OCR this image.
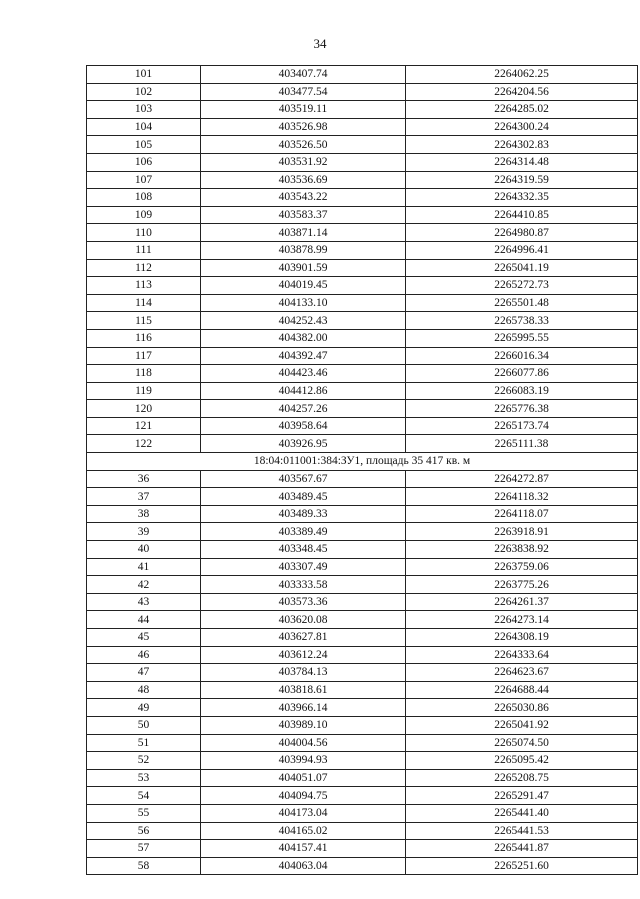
34
101	403407.74	2264062.25
102	403477.54	2264204.56
103	403519.11	2264285.02
104	403526.98	2264300.24
105	403526.50	2264302.83
106	403531.92	2264314.48
107	403536.69	2264319.59
108	403543.22	2264332.35
109	403583.37	2264410.85
110	403871.14	2264980.87
111	403878.99	2264996.41
112	403901.59	2265041.19
113	404019.45	2265272.73
114	404133.10	2265501.48
115	404252.43	2265738.33
116	404382.00	2265995.55
117	404392.47	2266016.34
118	404423.46	2266077.86
119	404412.86	2266083.19
120	404257.26	2265776.38
121	403958.64	2265173.74
122	403926.95	2265111.38
18:04:011001:384:ЗУ1, площадь 35 417 кв. м		
36	403567.67	2264272.87
37	403489.45	2264118.32
38	403489.33	2264118.07
39	403389.49	2263918.91
40	403348.45	2263838.92
41	403307.49	2263759.06
42	403333.58	2263775.26
43	403573.36	2264261.37
44	403620.08	2264273.14
45	403627.81	2264308.19
46	403612.24	2264333.64
47	403784.13	2264623.67
48	403818.61	2264688.44
49	403966.14	2265030.86
50	403989.10	2265041.92
51	404004.56	2265074.50
52	403994.93	2265095.42
53	404051.07	2265208.75
54	404094.75	2265291.47
55	404173.04	2265441.40
56	404165.02	2265441.53
57	404157.41	2265441.87
58	404063.04	2265251.60
